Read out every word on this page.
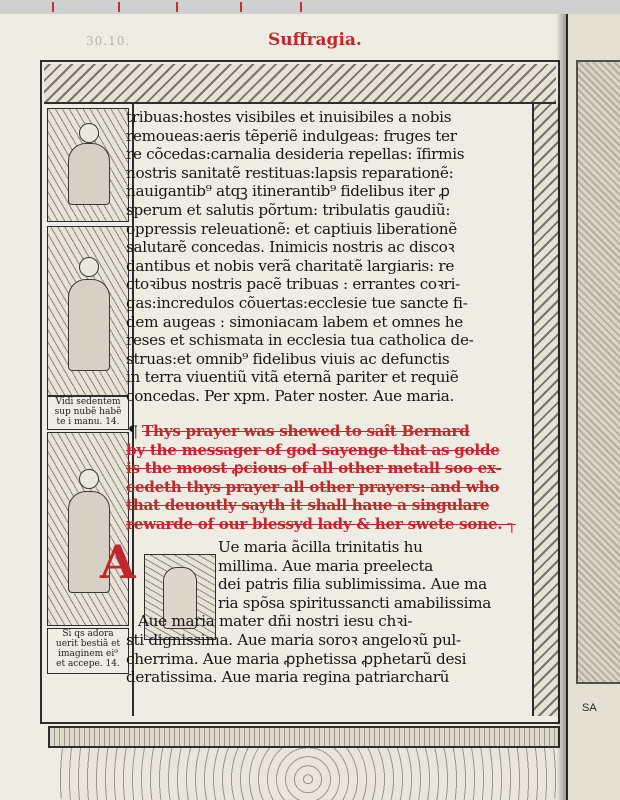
30.10.	Suffragia.
Vidi sedentem
sup nubẽ habẽ
te i manu. 14.
Si qs adora
uerit bestiã et
imaginem ei⁹
et accepe. 14.
tribuas:hostes visibiles et inuisibiles a nobis
remoueas:aeris tẽperiẽ indulgeas: fruges ter
re cõcedas:carnalia desideria repellas: ĩfirmis
nostris sanitatẽ restituas:lapsis reparationẽ:
nauigantib⁹ atqꝫ itinerantib⁹ fidelibus iter ꝓ
sperum et salutis põrtum: tribulatis gaudiũ:
oppressis releuationẽ: et captiuis liberationẽ
salutarẽ concedas. Inimicis nostris ac discoꝛ
dantibus et nobis verã charitatẽ largiaris: re
ctoꝛibus nostris pacẽ tribuas : errantes coꝛri-
gas:incredulos cõuertas:ecclesie tue sancte fi-
dem augeas : simoniacam labem et omnes he
reses et schismata in ecclesia tua catholica de-
struas:et omnib⁹ fidelibus viuis ac defunctis
in terra viuentiũ vitã eternã pariter et requiẽ
concedas. Per xpm. Pater noster. Aue maria.
¶ Thys prayer was shewed to saît Bernard
by the messager of god sayenge that as golde
is the moost ꝓcious of all other metall soo ex-
cedeth thys prayer all other prayers: and who
that deuoutly sayth it shall haue a singulare
rewarde of our blessyd lady & her swete sone. ┐
A	Ue maria ãcilla trinitatis hu
millima. Aue maria preelecta
dei patris filia sublimissima. Aue ma
ria spõsa spiritussancti amabilissima
Aue maria mater dñi nostri iesu chꝛi-
sti dignissima. Aue maria soroꝛ angeloꝛũ pul-
cherrima. Aue maria ꝓphetissa ꝓphetarũ desi
deratissima. Aue maria regina patriarcharũ
SA
